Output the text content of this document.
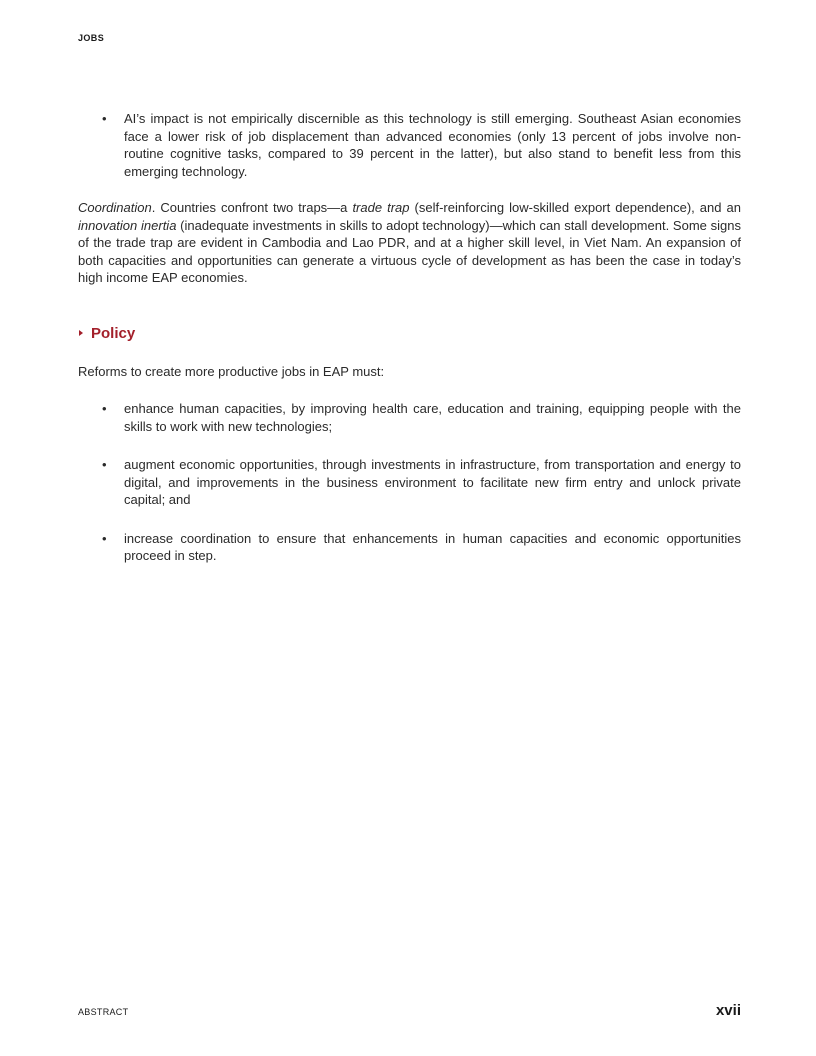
JOBS
•	AI’s impact is not empirically discernible as this technology is still emerging. Southeast Asian economies face a lower risk of job displacement than advanced economies (only 13 percent of jobs involve non-routine cognitive tasks, compared to 39 percent in the latter), but also stand to benefit less from this emerging technology.

Coordination. Countries confront two traps—a trade trap (self-reinforcing low-skilled export dependence), and an innovation inertia (inadequate investments in skills to adopt technology)—which can stall development. Some signs of the trade trap are evident in Cambodia and Lao PDR, and at a higher skill level, in Viet Nam. An expansion of both capacities and opportunities can generate a virtuous cycle of development as has been the case in today’s high income EAP economies.

Policy

Reforms to create more productive jobs in EAP must:

•	enhance human capacities, by improving health care, education and training, equipping people with the skills to work with new technologies;
•	augment economic opportunities, through investments in infrastructure, from transportation and energy to digital, and improvements in the business environment to facilitate new firm entry and unlock private capital; and
•	increase coordination to ensure that enhancements in human capacities and economic opportunities proceed in step.
ABSTRACT	xvii
